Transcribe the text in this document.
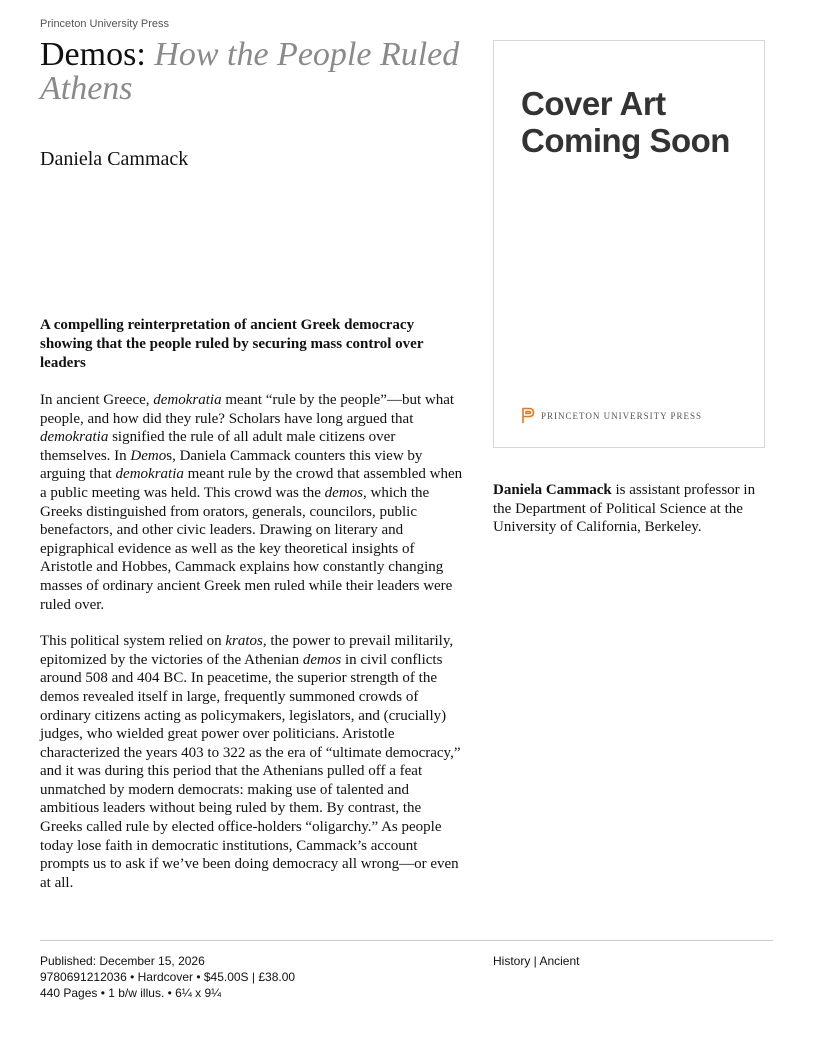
Princeton University Press
Demos: How the People Ruled Athens
Daniela Cammack

A compelling reinterpretation of ancient Greek democracy showing that the people ruled by securing mass control over leaders

In ancient Greece, demokratia meant “rule by the people”—but what people, and how did they rule? Scholars have long argued that demokratia signified the rule of all adult male citizens over themselves. In Demos, Daniela Cammack counters this view by arguing that demokratia meant rule by the crowd that assembled when a public meeting was held. This crowd was the demos, which the Greeks distinguished from orators, generals, councilors, public benefactors, and other civic leaders. Drawing on literary and epigraphical evidence as well as the key theoretical insights of Aristotle and Hobbes, Cammack explains how constantly changing masses of ordinary ancient Greek men ruled while their leaders were ruled over.

This political system relied on kratos, the power to prevail militarily, epitomized by the victories of the Athenian demos in civil conflicts around 508 and 404 BC. In peacetime, the superior strength of the demos revealed itself in large, frequently summoned crowds of ordinary citizens acting as policymakers, legislators, and (crucially) judges, who wielded great power over politicians. Aristotle characterized the years 403 to 322 as the era of “ultimate democracy,” and it was during this period that the Athenians pulled off a feat unmatched by modern democrats: making use of talented and ambitious leaders without being ruled by them. By contrast, the Greeks called rule by elected office-holders “oligarchy.” As people today lose faith in democratic institutions, Cammack’s account prompts us to ask if we’ve been doing democracy all wrong—or even at all.

Cover Art
Coming Soon
PRINCETON UNIVERSITY PRESS
Daniela Cammack is assistant professor in the Department of Political Science at the University of California, Berkeley.
Published: December 15, 2026
9780691212036 • Hardcover • $45.00S | £38.00
440 Pages • 1 b/w illus. • 6¼ x 9¼
History | Ancient
